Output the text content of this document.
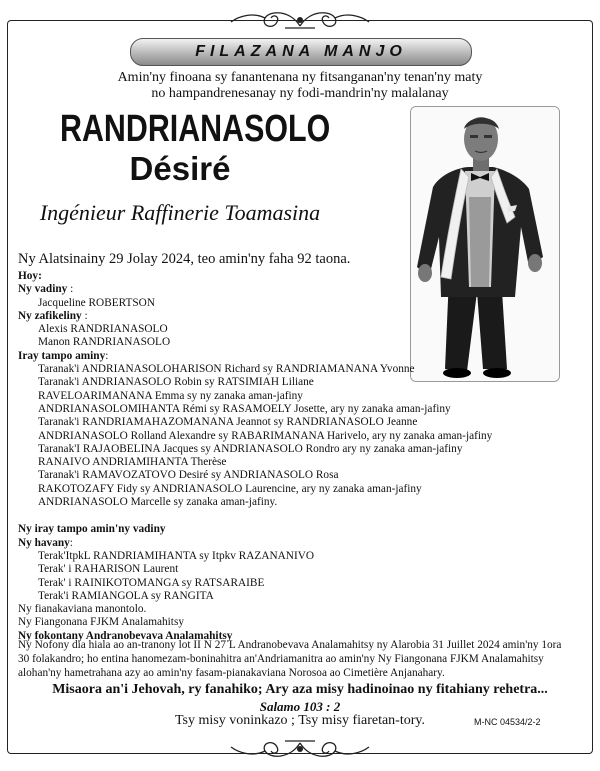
FILAZANA MANJO
Amin'ny finoana sy fanantenana ny fitsanganan'ny tenan'ny maty
no hampandrenesanay ny fodi-mandrin'ny malalanay
RANDRIANASOLO
Désiré
Ingénieur Raffinerie Toamasina
Ny Alatsinainy 29 Jolay 2024, teo amin'ny faha 92 taona.
Hoy:
Ny vadiny :
Jacqueline ROBERTSON
Ny zafikeliny :
Alexis RANDRIANASOLO
Manon RANDRIANASOLO
Iray tampo aminy:
Taranak'i ANDRIANASOLOHARISON Richard sy RANDRIAMANANA Yvonne
Taranak'i ANDRIANASOLO Robin sy RATSIMIAH Liliane
RAVELOARIMANANA Emma sy ny zanaka aman-jafiny
ANDRIANASOLOMIHANTA Rémi sy RASAMOELY Josette, ary ny zanaka aman-jafiny
Taranak'i RANDRIAMAHAZOMANANA Jeannot sy RANDRIANASOLO Jeanne
ANDRIANASOLO Rolland Alexandre sy RABARIMANANA Harivelo, ary ny zanaka aman-jafiny
Taranak'I RAJAOBELINA Jacques sy ANDRIANASOLO Rondro ary ny zanaka aman-jafiny
RANAIVO ANDRIAMIHANTA Therèse
Taranak'i RAMAVOZATOVO Desiré sy ANDRIANASOLO Rosa
RAKOTOZAFY Fidy sy ANDRIANASOLO Laurencine, ary ny zanaka aman-jafiny
ANDRIANASOLO Marcelle sy zanaka aman-jafiny.
Ny iray tampo amin'ny vadiny
Ny havany:
Terak'ItpkL RANDRIAMIHANTA sy Itpkv RAZANANIVO
Terak' i RAHARISON Laurent
Terak' i RAINIKOTOMANGA sy RATSARAIBE
Terak'i RAMIANGOLA sy RANGITA
Ny fianakaviana manontolo.
Ny Fiangonana FJKM Analamahitsy
Ny fokontany Andranobevava Analamahitsy
Ny Nofony dia hiala ao an-tranony lot II N 27 L Andranobevava Analamahitsy ny Alarobia 31 Juillet 2024 amin'ny 1ora
30 folakandro; ho entina hanomezam-boninahitra an'Andriamanitra ao amin'ny Ny Fiangonana FJKM Analamahitsy
alohan'ny hametrahana azy ao amin'ny fasam-pianakaviana Norosoa ao Cimetière Anjanahary.
Misaora an'i Jehovah, ry fanahiko; Ary aza misy hadinoinao ny fitahiany rehetra...
Salamo 103 : 2
Tsy misy voninkazo ; Tsy misy fiaretan-tory.	M-NC 04534/2-2
